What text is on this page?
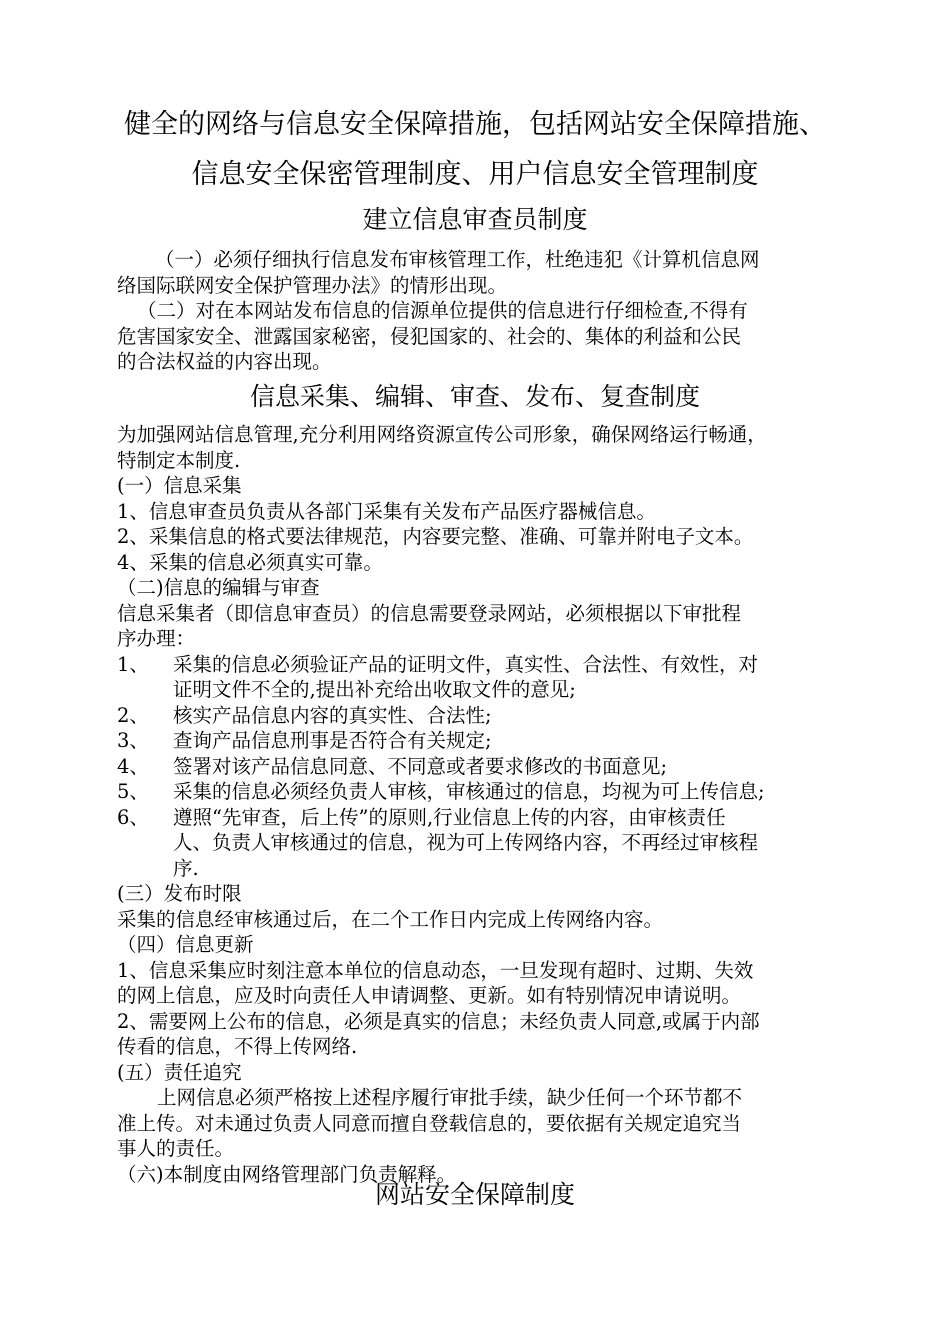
健全的网络与信息安全保障措施，包括网站安全保障措施、
信息安全保密管理制度、用户信息安全管理制度
建立信息审查员制度
（一）必须仔细执行信息发布审核管理工作，杜绝违犯《计算机信息网
络国际联网安全保护管理办法》的情形出现。
（二）对在本网站发布信息的信源单位提供的信息进行仔细检查,不得有
危害国家安全、泄露国家秘密，侵犯国家的、社会的、集体的利益和公民
的合法权益的内容出现。
信息采集、编辑、审查、发布、复查制度
为加强网站信息管理,充分利用网络资源宣传公司形象，确保网络运行畅通，
特制定本制度.
(一）信息采集
1、信息审查员负责从各部门采集有关发布产品医疗器械信息。
2、采集信息的格式要法律规范，内容要完整、准确、可靠并附电子文本。
4、采集的信息必须真实可靠。
（二)信息的编辑与审查
信息采集者（即信息审查员）的信息需要登录网站，必须根据以下审批程
序办理：
1、	采集的信息必须验证产品的证明文件，真实性、合法性、有效性，对
证明文件不全的,提出补充给出收取文件的意见;
2、	核实产品信息内容的真实性、合法性;
3、	查询产品信息刑事是否符合有关规定;
4、	签署对该产品信息同意、不同意或者要求修改的书面意见;
5、	采集的信息必须经负责人审核，审核通过的信息，均视为可上传信息;
6、	遵照“先审查，后上传”的原则,行业信息上传的内容，由审核责任
人、负责人审核通过的信息，视为可上传网络内容，不再经过审核程
序.
(三）发布时限
采集的信息经审核通过后，在二个工作日内完成上传网络内容。
（四）信息更新
1、信息采集应时刻注意本单位的信息动态，一旦发现有超时、过期、失效
的网上信息，应及时向责任人申请调整、更新。如有特别情况申请说明。
2、需要网上公布的信息，必须是真实的信息；未经负责人同意,或属于内部
传看的信息，不得上传网络.
(五）责任追究
上网信息必须严格按上述程序履行审批手续，缺少任何一个环节都不
准上传。对未通过负责人同意而擅自登载信息的，要依据有关规定追究当
事人的责任。
（六)本制度由网络管理部门负责解释。
网站安全保障制度
